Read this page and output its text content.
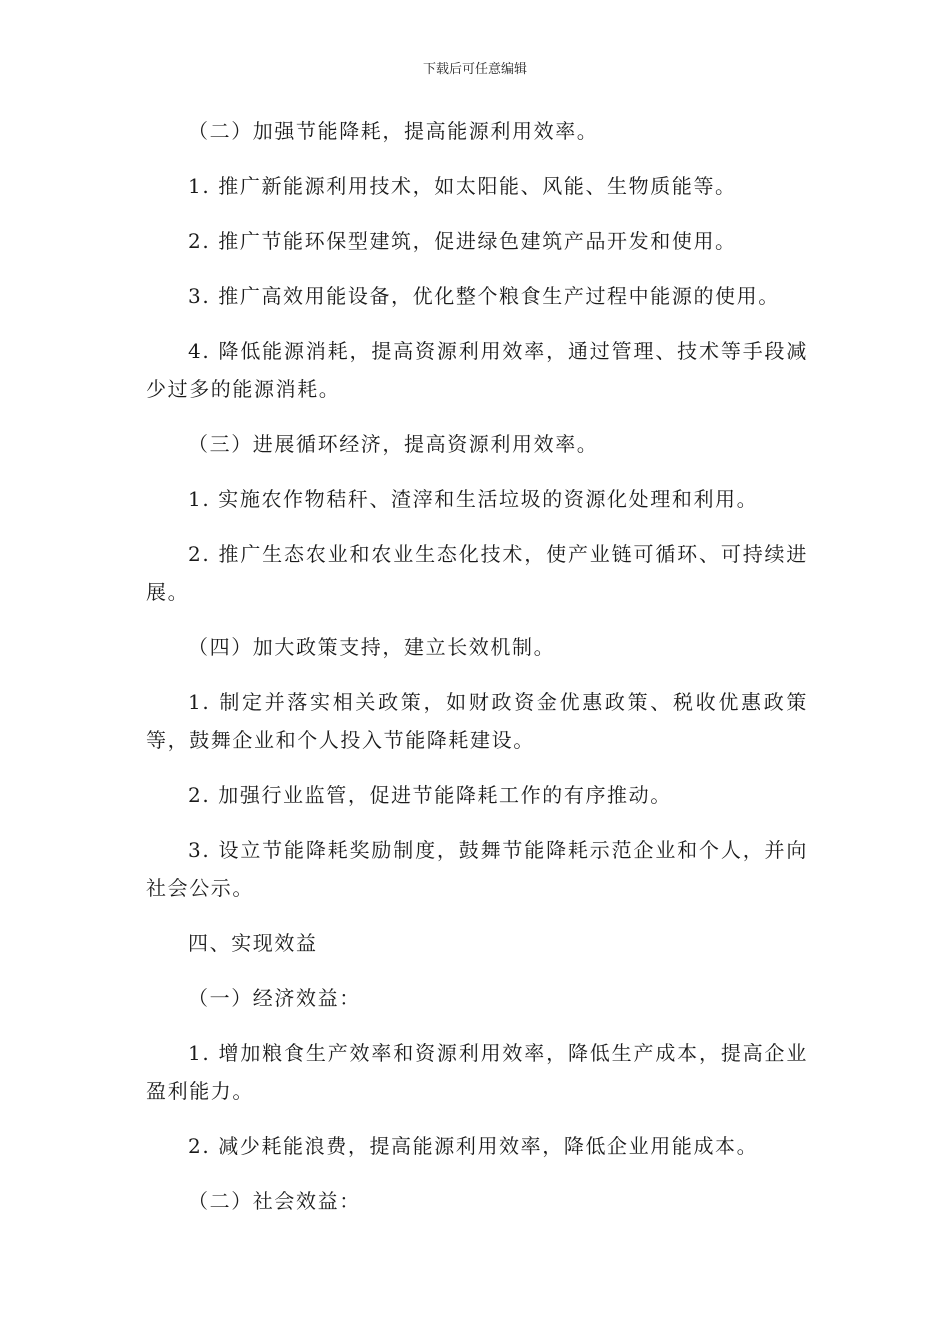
下载后可任意编辑

（二）加强节能降耗，提高能源利用效率。

1. 推广新能源利用技术，如太阳能、风能、生物质能等。

2. 推广节能环保型建筑，促进绿色建筑产品开发和使用。

3. 推广高效用能设备，优化整个粮食生产过程中能源的使用。

4. 降低能源消耗，提高资源利用效率，通过管理、技术等手段减少过多的能源消耗。

（三）进展循环经济，提高资源利用效率。

1. 实施农作物秸秆、渣滓和生活垃圾的资源化处理和利用。

2. 推广生态农业和农业生态化技术，使产业链可循环、可持续进展。

（四）加大政策支持，建立长效机制。

1. 制定并落实相关政策，如财政资金优惠政策、税收优惠政策等，鼓舞企业和个人投入节能降耗建设。

2. 加强行业监管，促进节能降耗工作的有序推动。

3. 设立节能降耗奖励制度，鼓舞节能降耗示范企业和个人，并向社会公示。

四、实现效益

（一）经济效益：

1. 增加粮食生产效率和资源利用效率，降低生产成本，提高企业盈利能力。

2. 减少耗能浪费，提高能源利用效率，降低企业用能成本。

（二）社会效益：
